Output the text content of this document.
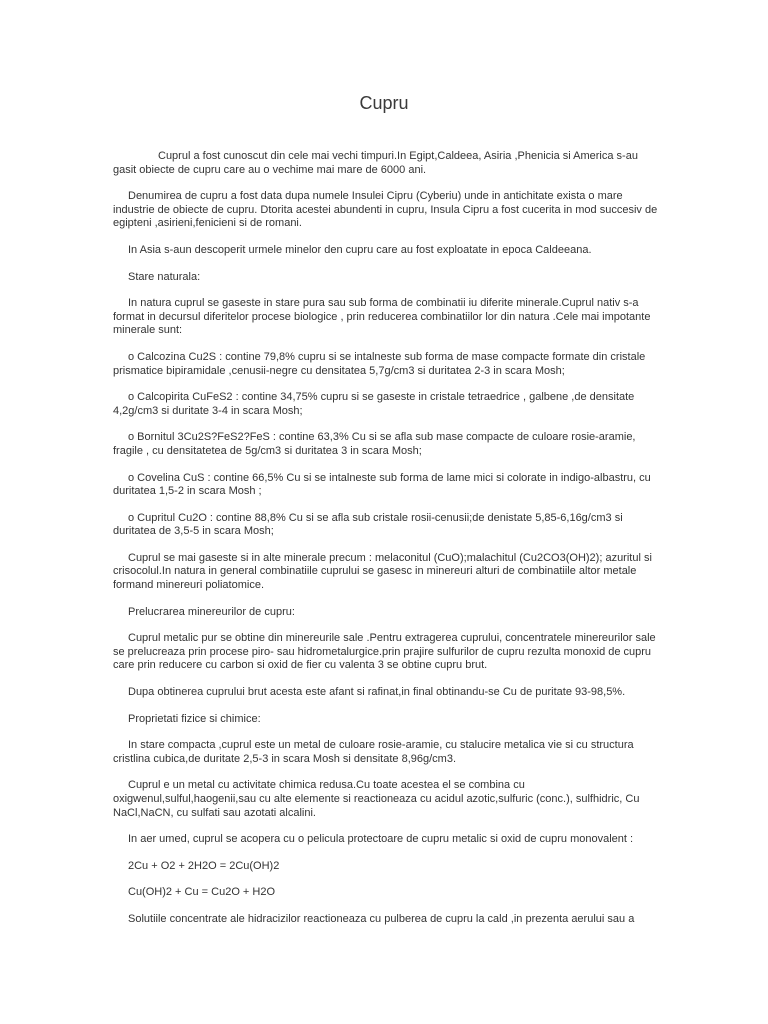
Cupru

Cuprul a fost cunoscut din cele mai vechi timpuri.In Egipt,Caldeea, Asiria ,Phenicia si America s-au gasit obiecte de cupru care au o vechime mai mare de 6000 ani.

Denumirea de cupru a fost data dupa numele Insulei Cipru (Cyberiu) unde in antichitate exista o mare industrie de obiecte de cupru. Dtorita acestei abundenti in cupru, Insula Cipru a fost cucerita in mod succesiv de egipteni ,asirieni,fenicieni si de romani.

In Asia s-aun descoperit urmele minelor den cupru care au fost exploatate in epoca Caldeeana.

Stare naturala:

In natura cuprul se gaseste in stare pura sau sub forma de combinatii iu diferite minerale.Cuprul nativ s-a format in decursul diferitelor procese biologice , prin reducerea combinatiilor lor din natura .Cele mai impotante minerale sunt:

o Calcozina Cu2S : contine 79,8% cupru si se intalneste sub forma de mase compacte formate din cristale prismatice bipiramidale ,cenusii-negre cu densitatea 5,7g/cm3 si duritatea 2-3 in scara Mosh;

o Calcopirita CuFeS2 : contine 34,75% cupru si se gaseste in cristale tetraedrice , galbene ,de densitate 4,2g/cm3 si duritate 3-4 in scara Mosh;

o Bornitul 3Cu2S?FeS2?FeS : contine 63,3% Cu si se afla sub mase compacte de culoare rosie-aramie, fragile , cu densitatetea de 5g/cm3 si duritatea 3 in scara Mosh;

o Covelina CuS : contine 66,5% Cu si se intalneste sub forma de lame mici si colorate in indigo-albastru, cu duritatea 1,5-2 in scara Mosh ;

o Cupritul Cu2O : contine 88,8% Cu si se afla sub cristale rosii-cenusii;de denistate 5,85-6,16g/cm3 si duritatea de 3,5-5 in scara Mosh;

Cuprul se mai gaseste si in alte minerale precum : melaconitul (CuO);malachitul (Cu2CO3(OH)2); azuritul si crisocolul.In natura in general combinatiile cuprului se gasesc in minereuri alturi de combinatiile altor metale formand minereuri poliatomice.

Prelucrarea minereurilor de cupru:

Cuprul metalic pur se obtine din minereurile sale .Pentru extragerea cuprului, concentratele minereurilor sale se prelucreaza prin procese piro- sau hidrometalurgice.prin prajire sulfurilor de cupru rezulta monoxid de cupru care prin reducere cu carbon si oxid de fier cu valenta 3 se obtine cupru brut.

Dupa obtinerea cuprului brut acesta este afant si rafinat,in final obtinandu-se Cu de puritate 93-98,5%.

Proprietati fizice si chimice:

In stare compacta ,cuprul este un metal de culoare rosie-aramie, cu stalucire metalica vie si cu structura cristlina cubica,de duritate 2,5-3 in scara Mosh si densitate 8,96g/cm3.

Cuprul e un metal cu activitate chimica redusa.Cu toate acestea el se combina cu oxigwenul,sulful,haogenii,sau cu alte elemente si reactioneaza cu acidul azotic,sulfuric (conc.), sulfhidric, Cu NaCl,NaCN, cu sulfati sau azotati alcalini.

In aer umed, cuprul se acopera cu o pelicula protectoare de cupru metalic si oxid de cupru monovalent :

2Cu + O2 + 2H2O = 2Cu(OH)2

Cu(OH)2 + Cu = Cu2O + H2O

Solutiile concentrate ale hidracizilor reactioneaza cu pulberea de cupru la cald ,in prezenta aerului sau a
